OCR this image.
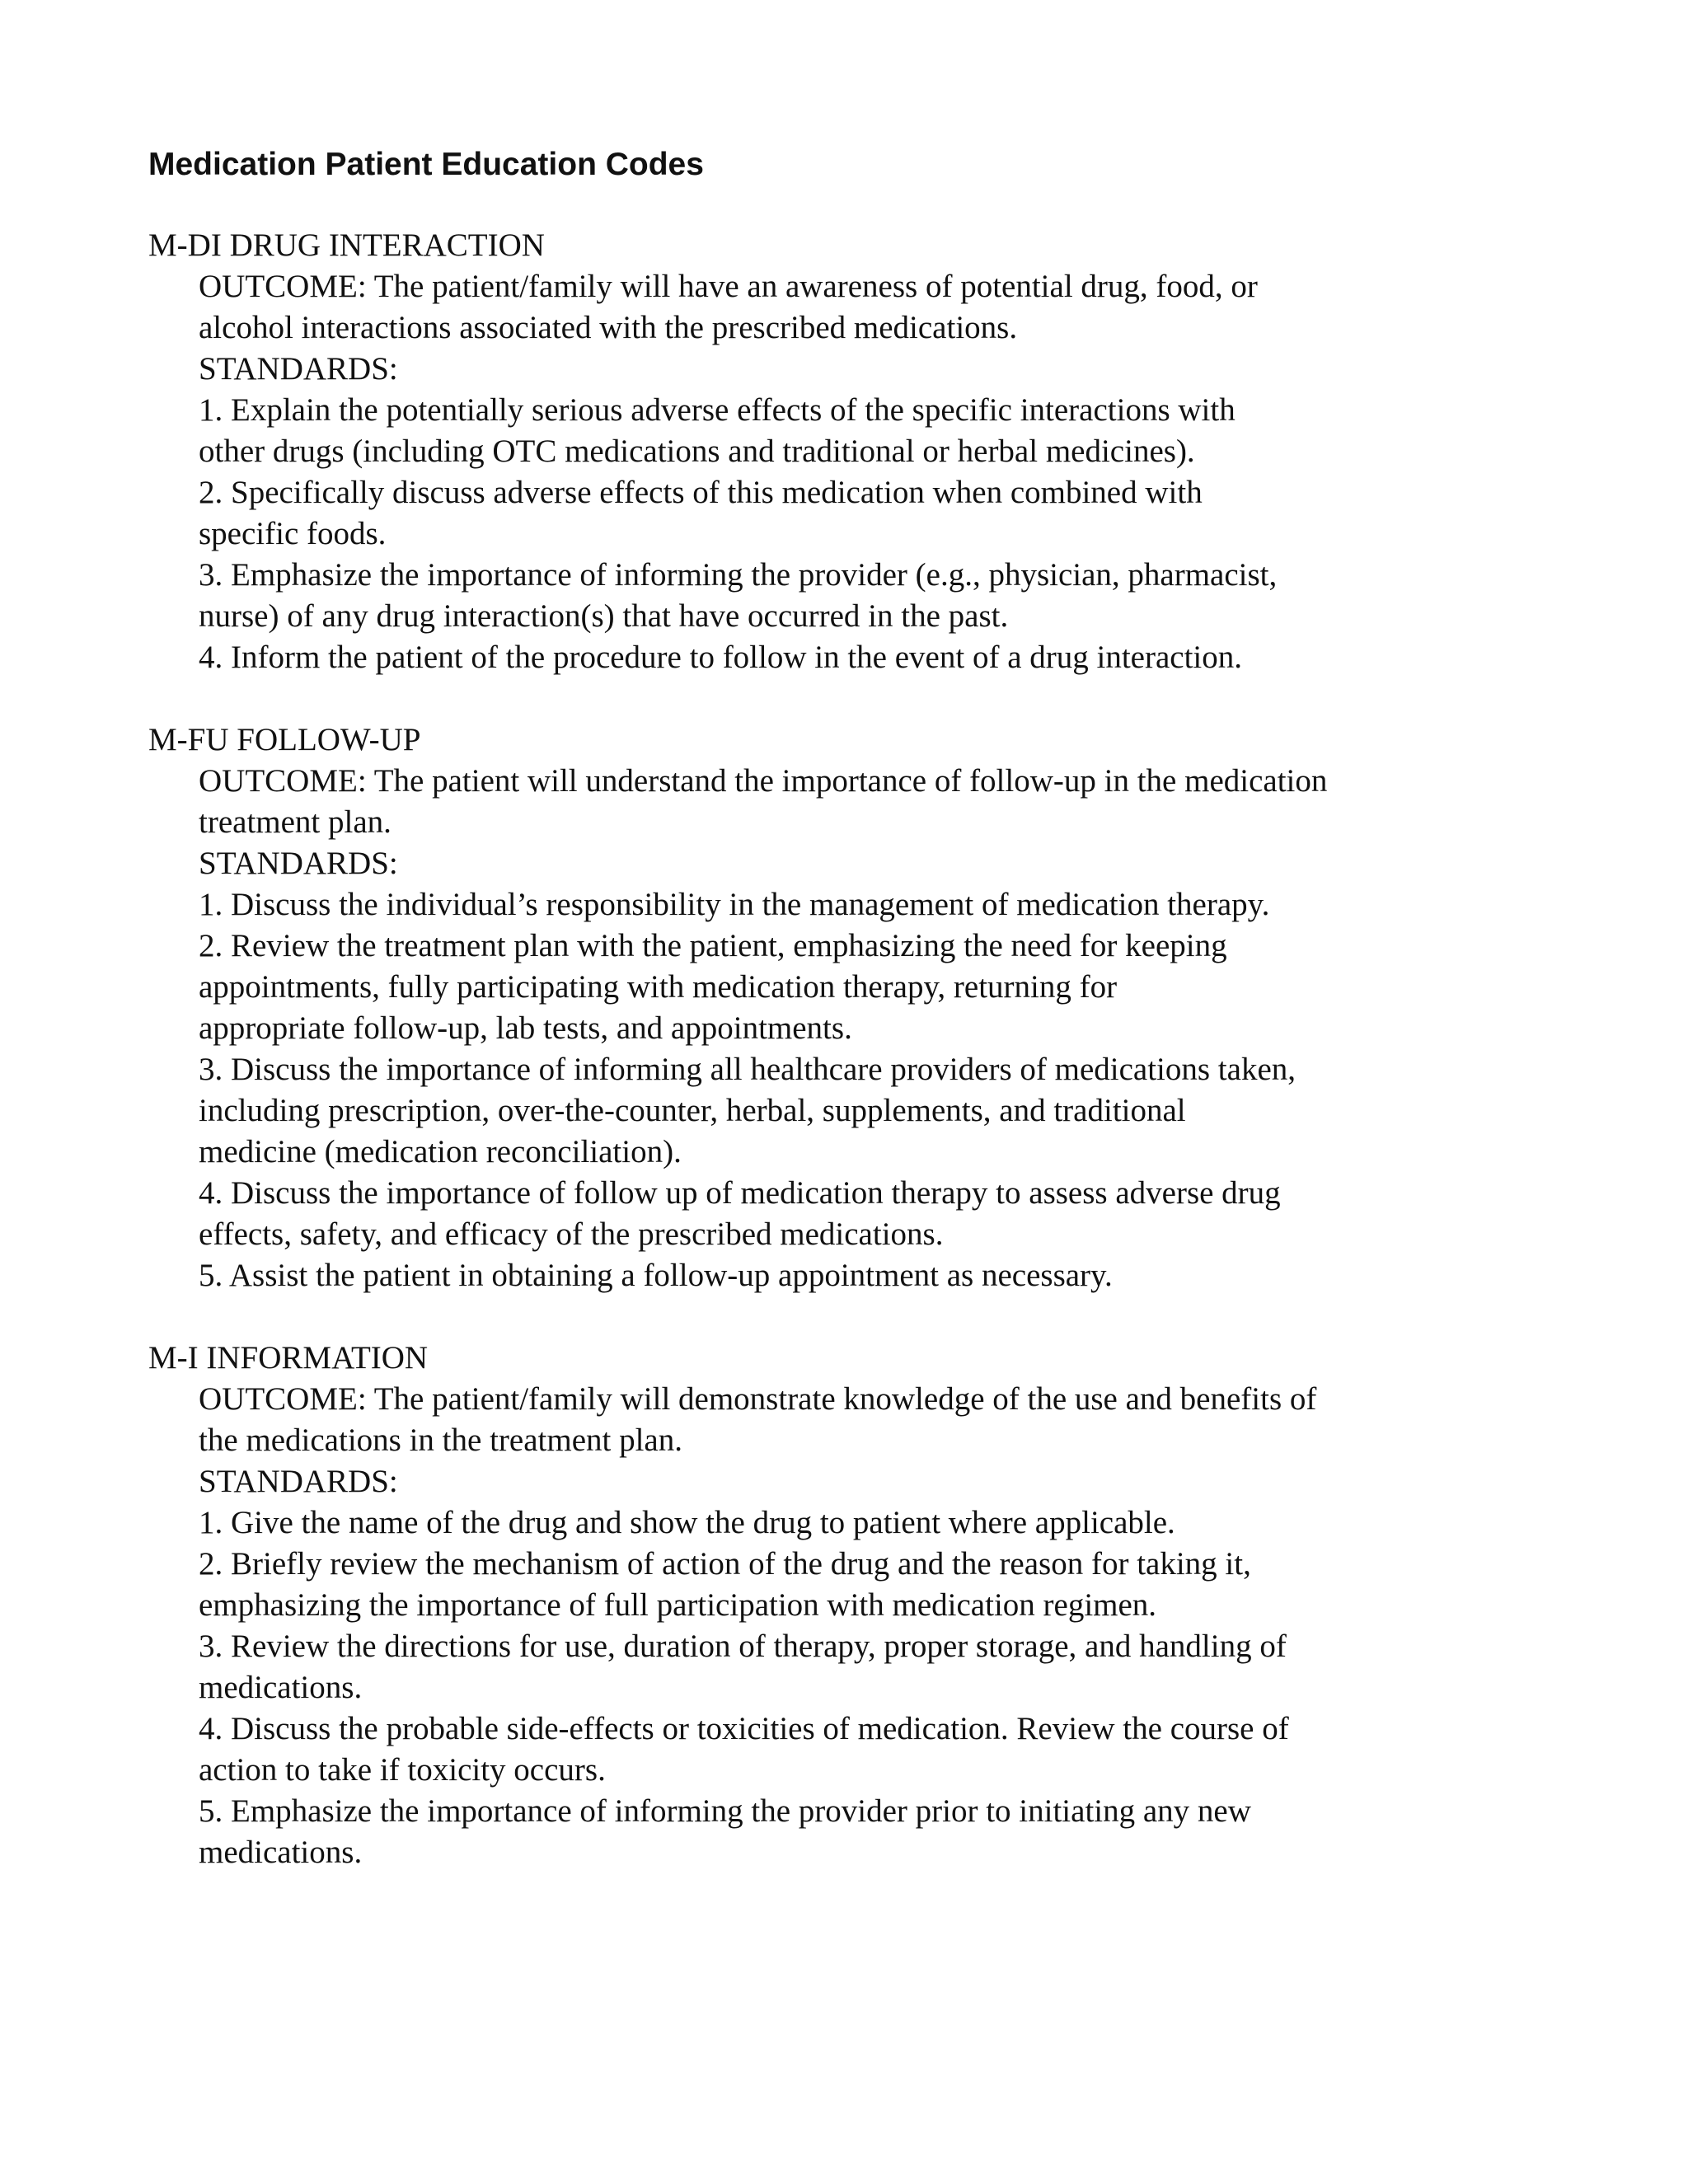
Medication Patient Education Codes
M-DI DRUG INTERACTION
OUTCOME: The patient/family will have an awareness of potential drug, food, or
alcohol interactions associated with the prescribed medications.
STANDARDS:
1. Explain the potentially serious adverse effects of the specific interactions with
other drugs (including OTC medications and traditional or herbal medicines).
2. Specifically discuss adverse effects of this medication when combined with
specific foods.
3. Emphasize the importance of informing the provider (e.g., physician, pharmacist,
nurse) of any drug interaction(s) that have occurred in the past.
4. Inform the patient of the procedure to follow in the event of a drug interaction.
M-FU FOLLOW-UP
OUTCOME: The patient will understand the importance of follow-up in the medication
treatment plan.
STANDARDS:
1. Discuss the individual’s responsibility in the management of medication therapy.
2. Review the treatment plan with the patient, emphasizing the need for keeping
appointments, fully participating with medication therapy, returning for
appropriate follow-up, lab tests, and appointments.
3. Discuss the importance of informing all healthcare providers of medications taken,
including prescription, over-the-counter, herbal, supplements, and traditional
medicine (medication reconciliation).
4. Discuss the importance of follow up of medication therapy to assess adverse drug
effects, safety, and efficacy of the prescribed medications.
5. Assist the patient in obtaining a follow-up appointment as necessary.
M-I INFORMATION
OUTCOME: The patient/family will demonstrate knowledge of the use and benefits of
the medications in the treatment plan.
STANDARDS:
1. Give the name of the drug and show the drug to patient where applicable.
2. Briefly review the mechanism of action of the drug and the reason for taking it,
emphasizing the importance of full participation with medication regimen.
3. Review the directions for use, duration of therapy, proper storage, and handling of
medications.
4. Discuss the probable side-effects or toxicities of medication. Review the course of
action to take if toxicity occurs.
5. Emphasize the importance of informing the provider prior to initiating any new
medications.
